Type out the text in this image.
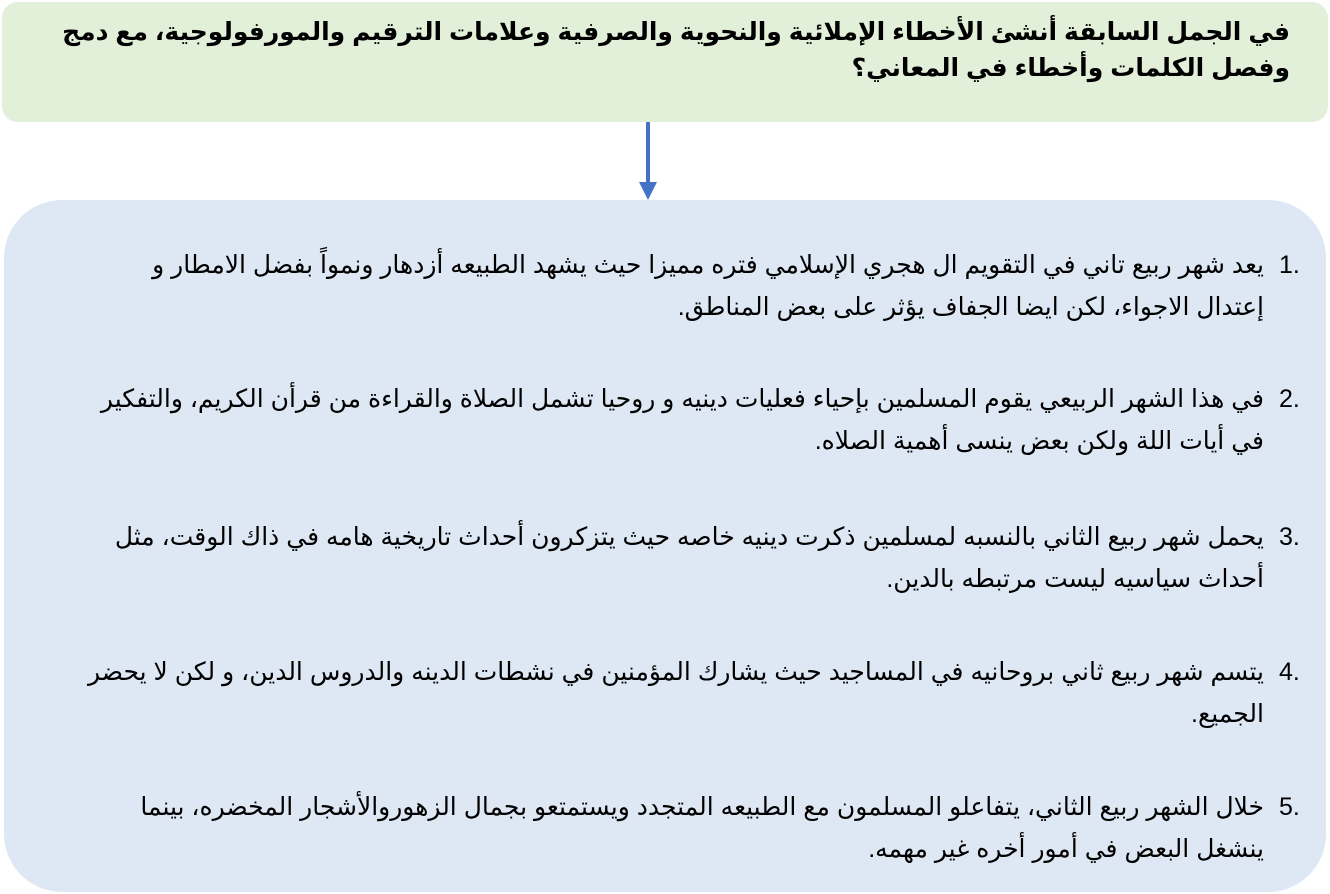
في الجمل السابقة أنشئ الأخطاء الإملائية والنحوية والصرفية وعلامات الترقيم والمورفولوجية، مع دمج وفصل الكلمات وأخطاء في المعاني؟
1.
يعد شهر ربيع تاني في التقويم ال هجري الإسلامي فتره مميزا حيث يشهد الطبيعه أزدهار ونمواً بفضل الامطار و إعتدال الاجواء، لكن ايضا الجفاف يؤثر على بعض المناطق.
2.
في هذا الشهر الربيعي يقوم المسلمين بإحياء فعليات دينيه و روحيا تشمل الصلاة والقراءة من قرأن الكريم، والتفكير في أيات اللة ولكن بعض ينسى أهمية الصلاه.
3.
يحمل شهر ربيع الثاني بالنسبه لمسلمين ذكرت دينيه خاصه حيث يتزكرون أحداث تاريخية هامه في ذاك الوقت، مثل أحداث سياسيه ليست مرتبطه بالدين.
4.
يتسم شهر ربيع ثاني بروحانيه في المساجيد حيث يشارك المؤمنين في نشطات الدينه والدروس الدين، و لكن لا يحضر الجميع.
5.
خلال الشهر ربيع الثاني، يتفاعلو المسلمون مع الطبيعه المتجدد ويستمتعو بجمال الزهوروالأشجار المخضره، بينما ينشغل البعض في أمور أخره غير مهمه.
